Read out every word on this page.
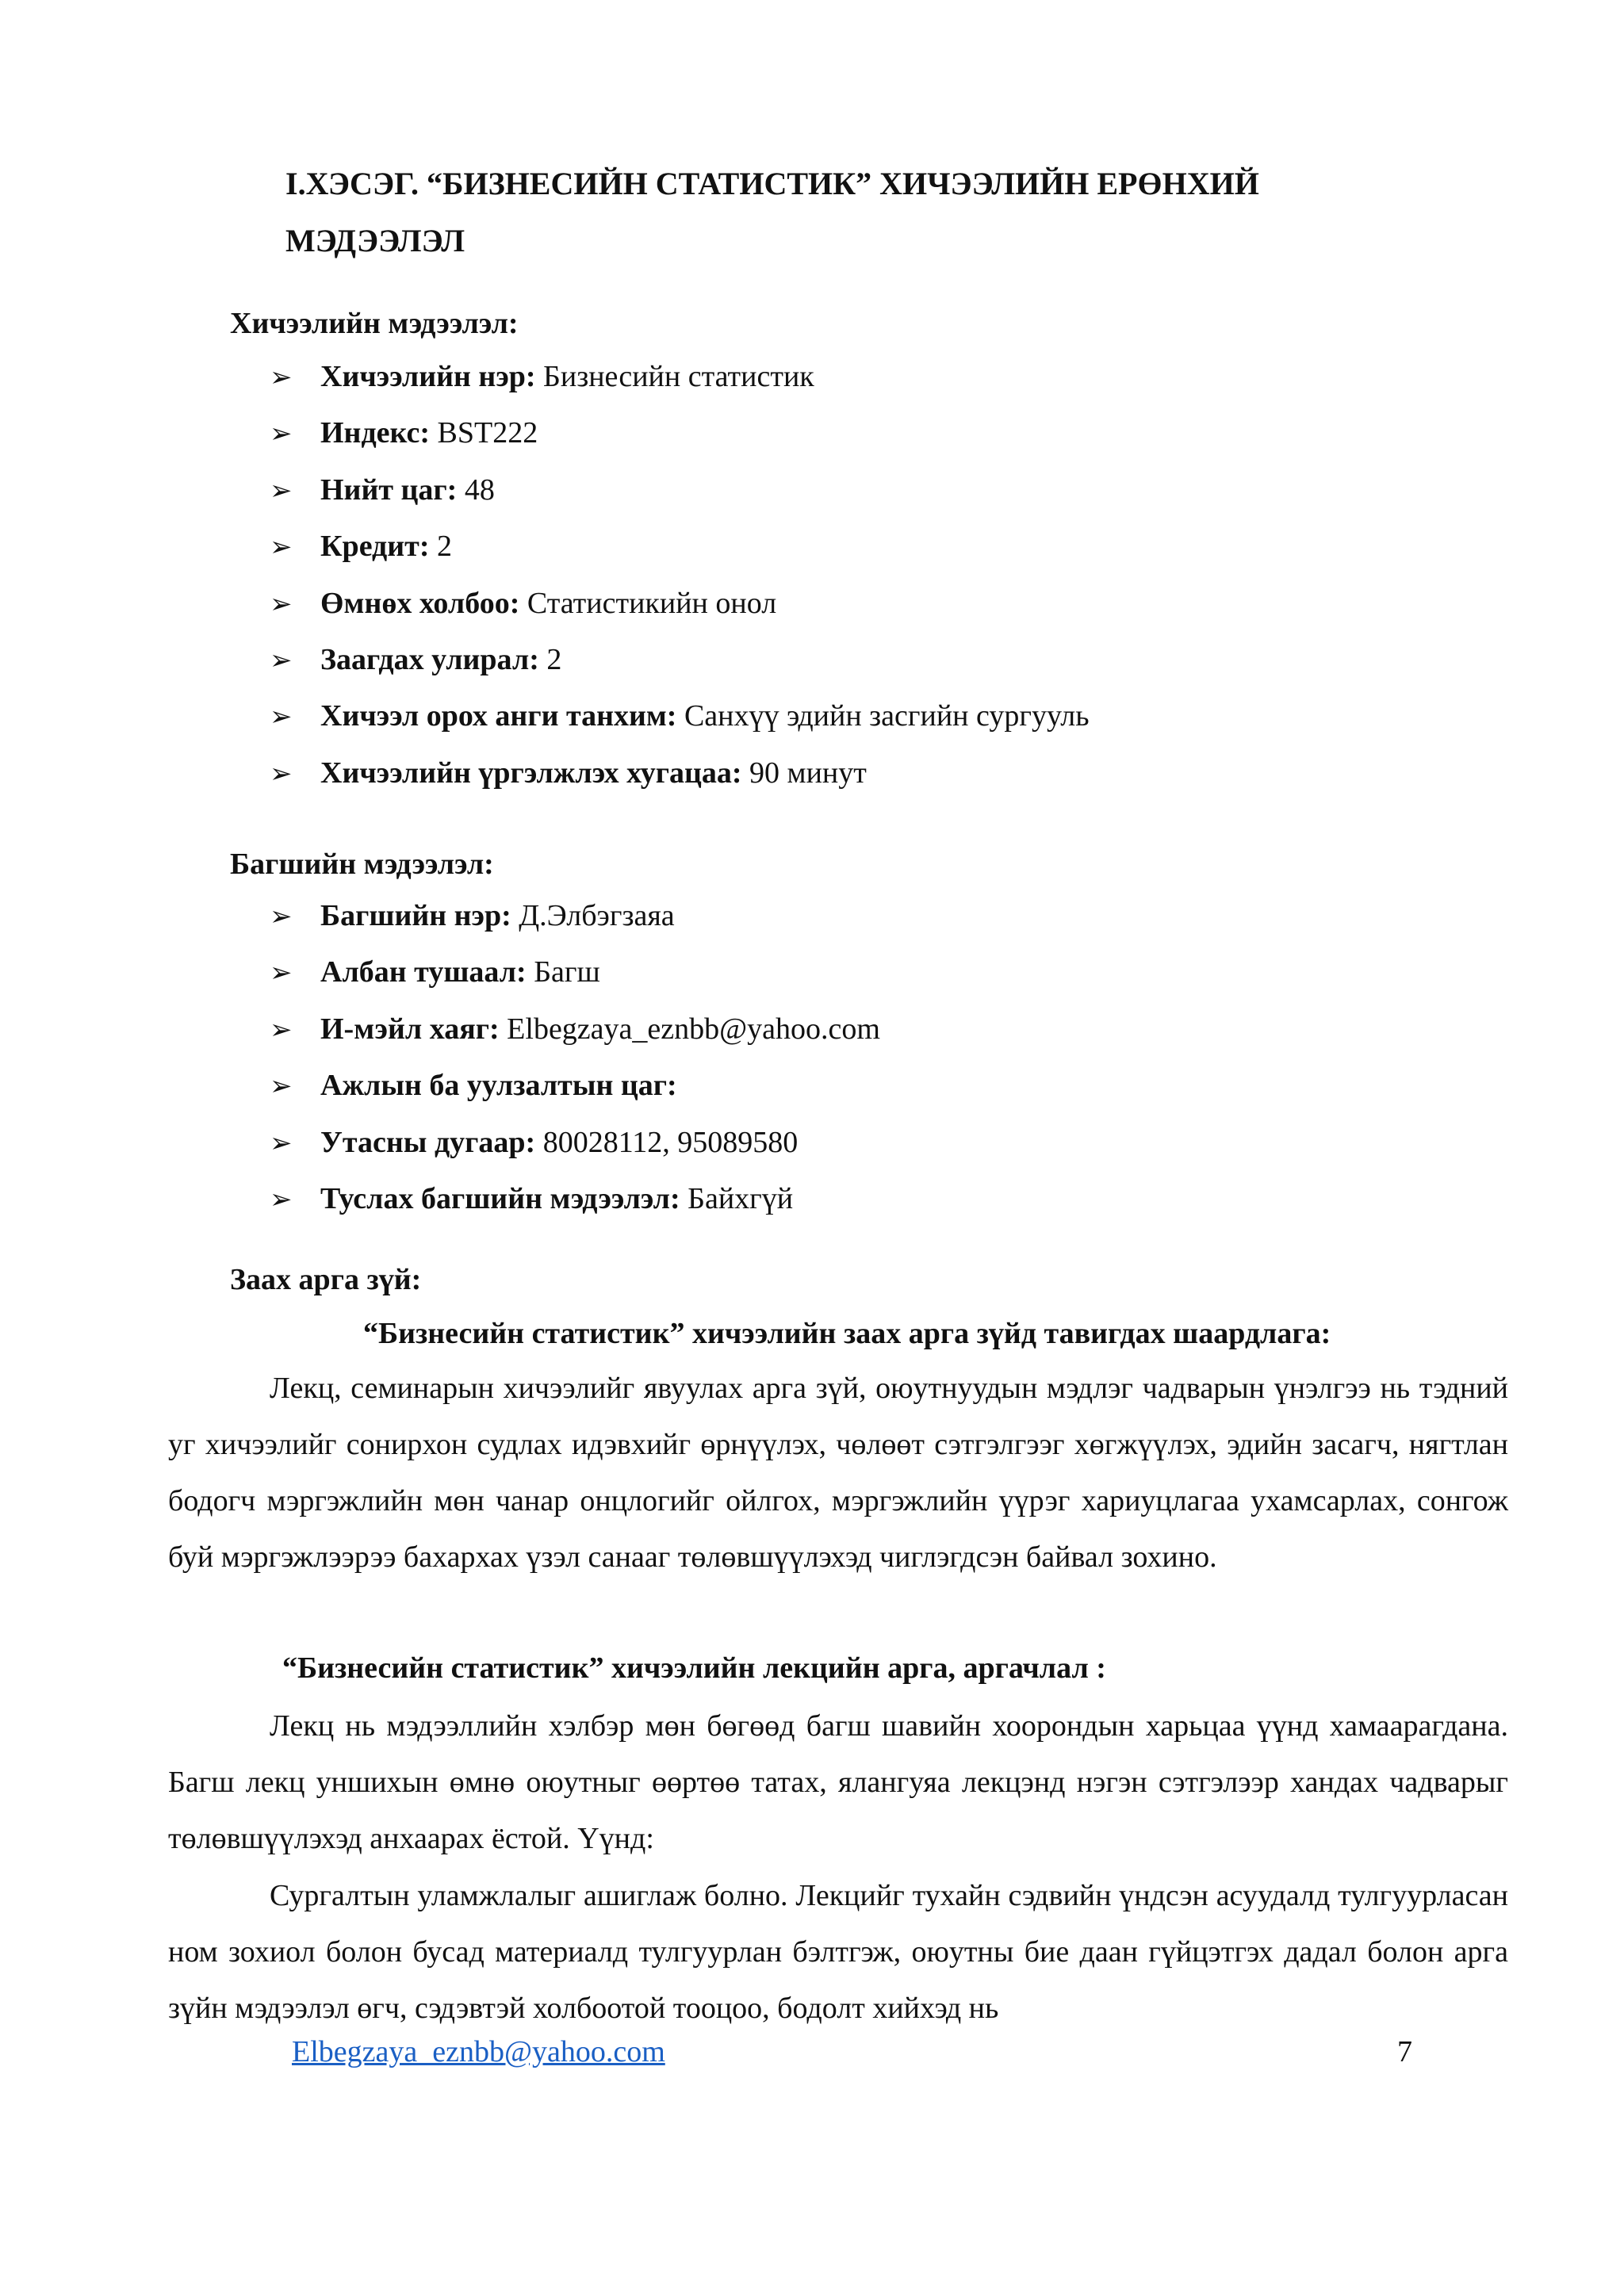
I.ХЭСЭГ. “БИЗНЕСИЙН СТАТИСТИК” ХИЧЭЭЛИЙН ЕРӨНХИЙ
МЭДЭЭЛЭЛ
Хичээлийн мэдээлэл:
➢ Хичээлийн нэр: Бизнесийн статистик
➢ Индекс: BST222
➢ Нийт цаг: 48
➢ Кредит: 2
➢ Өмнөх холбоо: Статистикийн онол
➢ Заагдах улирал: 2
➢ Хичээл орох анги танхим: Санхүү эдийн засгийн сургууль
➢ Хичээлийн үргэлжлэх хугацаа: 90 минут
Багшийн мэдээлэл:
➢ Багшийн нэр: Д.Элбэгзаяа
➢ Албан тушаал: Багш
➢ И-мэйл хаяг: Elbegzaya_eznbb@yahoo.com
➢ Ажлын ба уулзалтын цаг:
➢ Утасны дугаар: 80028112, 95089580
➢ Туслах багшийн мэдээлэл: Байхгүй
Заах арга зүй:
“Бизнесийн статистик” хичээлийн заах арга зүйд тавигдах шаардлага:

Лекц, семинарын хичээлийг явуулах арга зүй, оюутнуудын мэдлэг чадварын үнэлгээ нь тэдний уг хичээлийг сонирхон судлах идэвхийг өрнүүлэх, чөлөөт сэтгэлгээг хөгжүүлэх, эдийн засагч, нягтлан бодогч мэргэжлийн мөн чанар онцлогийг ойлгох, мэргэжлийн үүрэг хариуцлагаа ухамсарлах, сонгож буй мэргэжлээрээ бахархах үзэл санааг төлөвшүүлэхэд чиглэгдсэн байвал зохино.

“Бизнесийн статистик” хичээлийн лекцийн арга, аргачлал :

Лекц нь мэдээллийн хэлбэр мөн бөгөөд багш шавийн хоорондын харьцаа үүнд хамаарагдана. Багш лекц уншихын өмнө оюутныг өөртөө татах, ялангуяа лекцэнд нэгэн сэтгэлээр хандах чадварыг төлөвшүүлэхэд анхаарах ёстой. Үүнд:

Сургалтын уламжлалыг ашиглаж болно. Лекцийг тухайн сэдвийн үндсэн асуудалд тулгуурласан ном зохиол болон бусад материалд тулгуурлан бэлтгэж, оюутны бие даан гүйцэтгэх дадал болон арга зүйн мэдээлэл өгч, сэдэвтэй холбоотой тооцоо, бодолт хийхэд нь

Elbegzaya_eznbb@yahoo.com	7
